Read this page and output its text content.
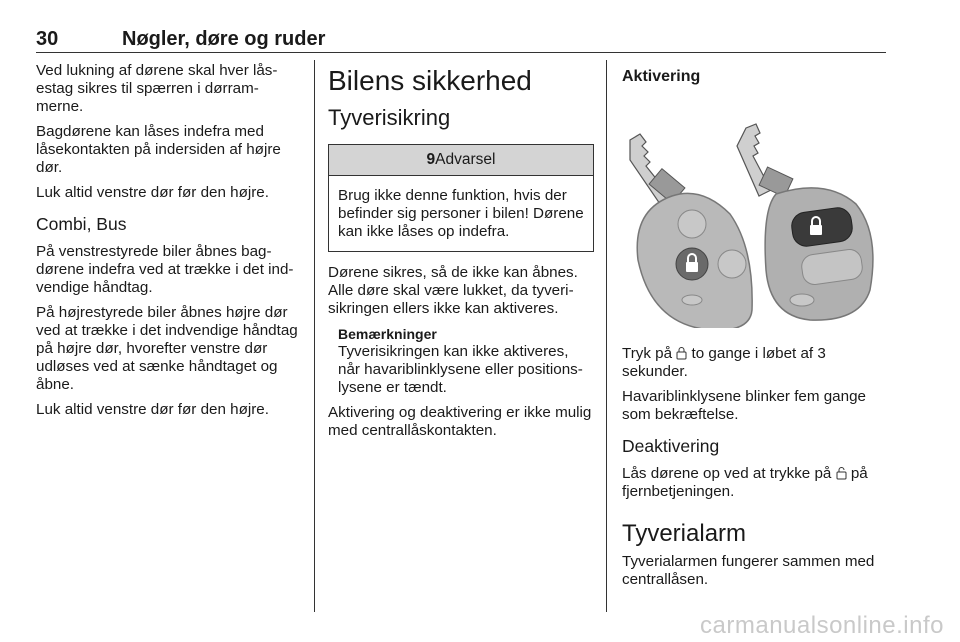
30	Nøgler, døre og ruder

Ved lukning af dørene skal hver låsestag sikres til spærren i dørrammerne.

Bagdørene kan låses indefra med låsekontakten på indersiden af højre dør.

Luk altid venstre dør før den højre.

Combi, Bus

På venstrestyrede biler åbnes bagdørene indefra ved at trække i det indvendige håndtag.

På højrestyrede biler åbnes højre dør ved at trække i det indvendige håndtag på højre dør, hvorefter venstre dør udløses ved at sænke håndtaget og åbne.

Luk altid venstre dør før den højre.

Bilens sikkerhed
Tyverisikring
9Advarsel
Brug ikke denne funktion, hvis der befinder sig personer i bilen! Dørene kan ikke låses op indefra.

Dørene sikres, så de ikke kan åbnes. Alle døre skal være lukket, da tyverisikringen ellers ikke kan aktiveres.

Bemærkninger
Tyverisikringen kan ikke aktiveres, når havariblinklysene eller positionslysene er tændt.

Aktivering og deaktivering er ikke mulig med centrallåskontakten.

Aktivering

Tryk på to gange i løbet af 3 sekunder.

Havariblinklysene blinker fem gange som bekræftelse.

Deaktivering

Lås dørene op ved at trykke på på fjernbetjeningen.

Tyverialarm

Tyverialarmen fungerer sammen med centrallåsen.

carmanualsonline.info
